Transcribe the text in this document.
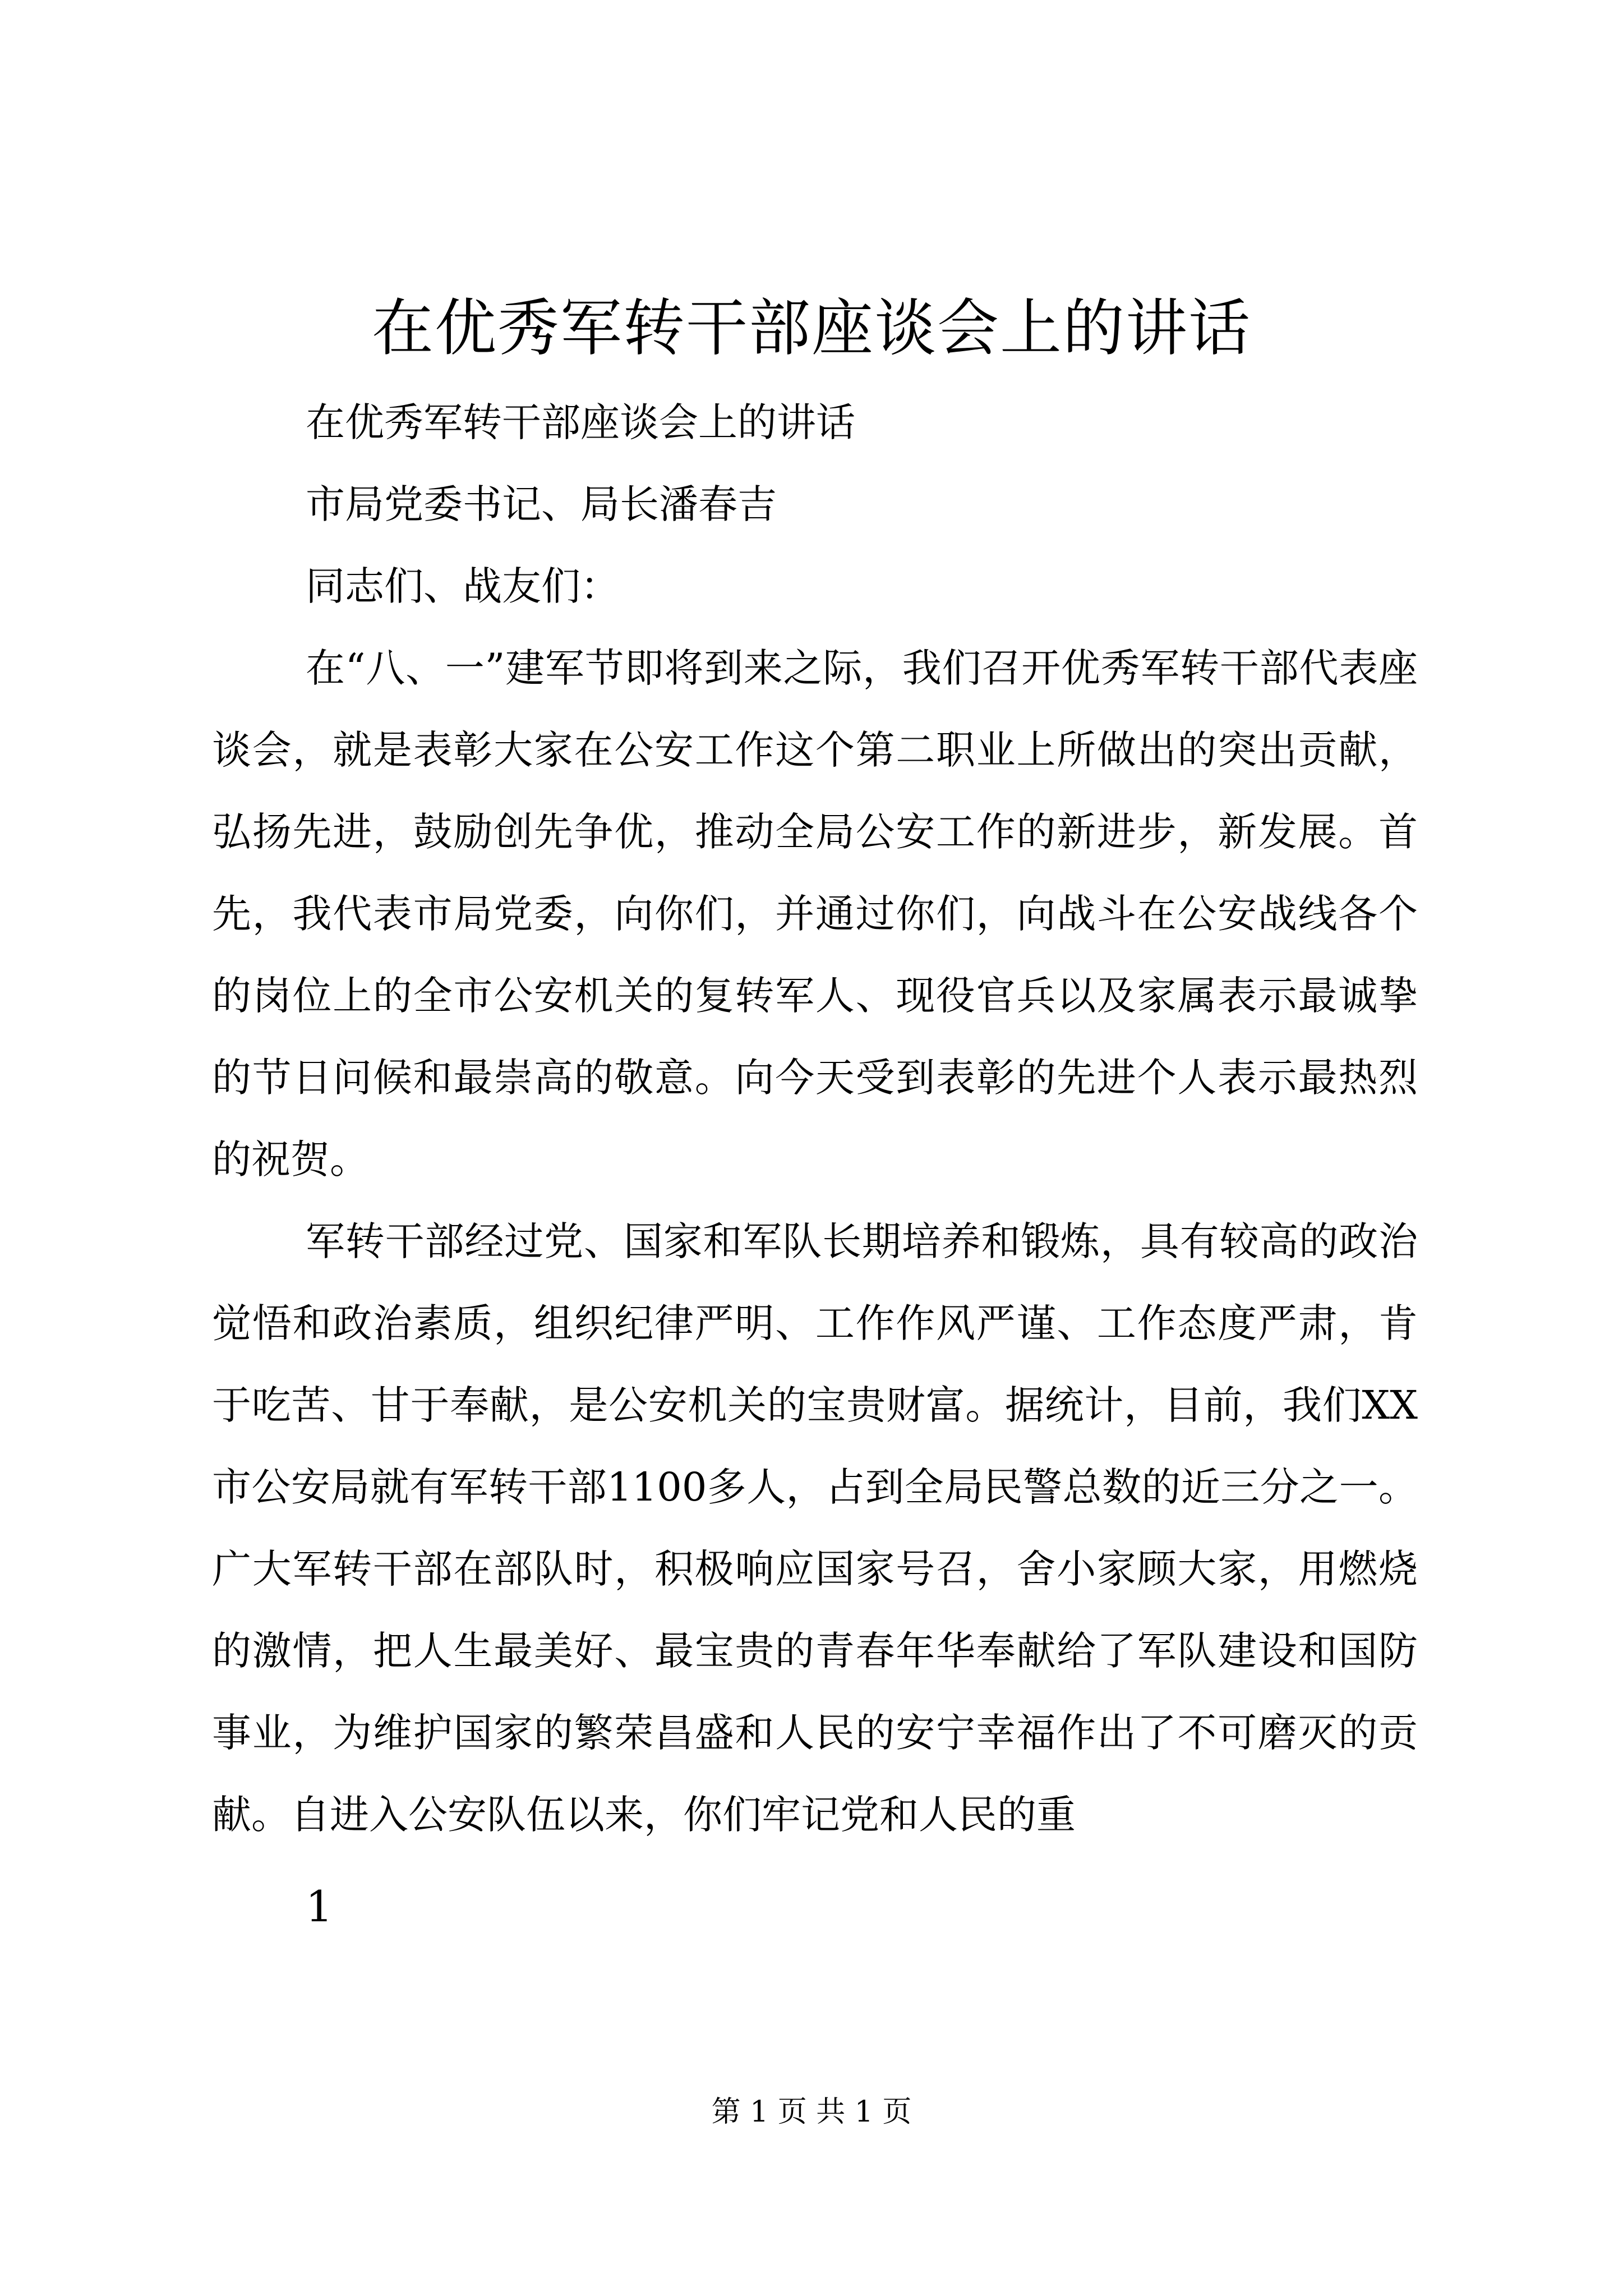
在优秀军转干部座谈会上的讲话

在优秀军转干部座谈会上的讲话

市局党委书记、局长潘春吉

同志们、战友们：

在“八、一”建军节即将到来之际，我们召开优秀军转干部代表座谈会，就是表彰大家在公安工作这个第二职业上所做出的突出贡献，弘扬先进，鼓励创先争优，推动全局公安工作的新进步，新发展。首先，我代表市局党委，向你们，并通过你们，向战斗在公安战线各个的岗位上的全市公安机关的复转军人、现役官兵以及家属表示最诚挚的节日问候和最崇高的敬意。向今天受到表彰的先进个人表示最热烈的祝贺。

军转干部经过党、国家和军队长期培养和锻炼，具有较高的政治觉悟和政治素质，组织纪律严明、工作作风严谨、工作态度严肃，肯于吃苦、甘于奉献，是公安机关的宝贵财富。据统计，目前，我们XX市公安局就有军转干部1100多人，占到全局民警总数的近三分之一。广大军转干部在部队时，积极响应国家号召，舍小家顾大家，用燃烧的激情，把人生最美好、最宝贵的青春年华奉献给了军队建设和国防事业，为维护国家的繁荣昌盛和人民的安宁幸福作出了不可磨灭的贡献。自进入公安队伍以来，你们牢记党和人民的重

1

第 1 页 共 1 页
